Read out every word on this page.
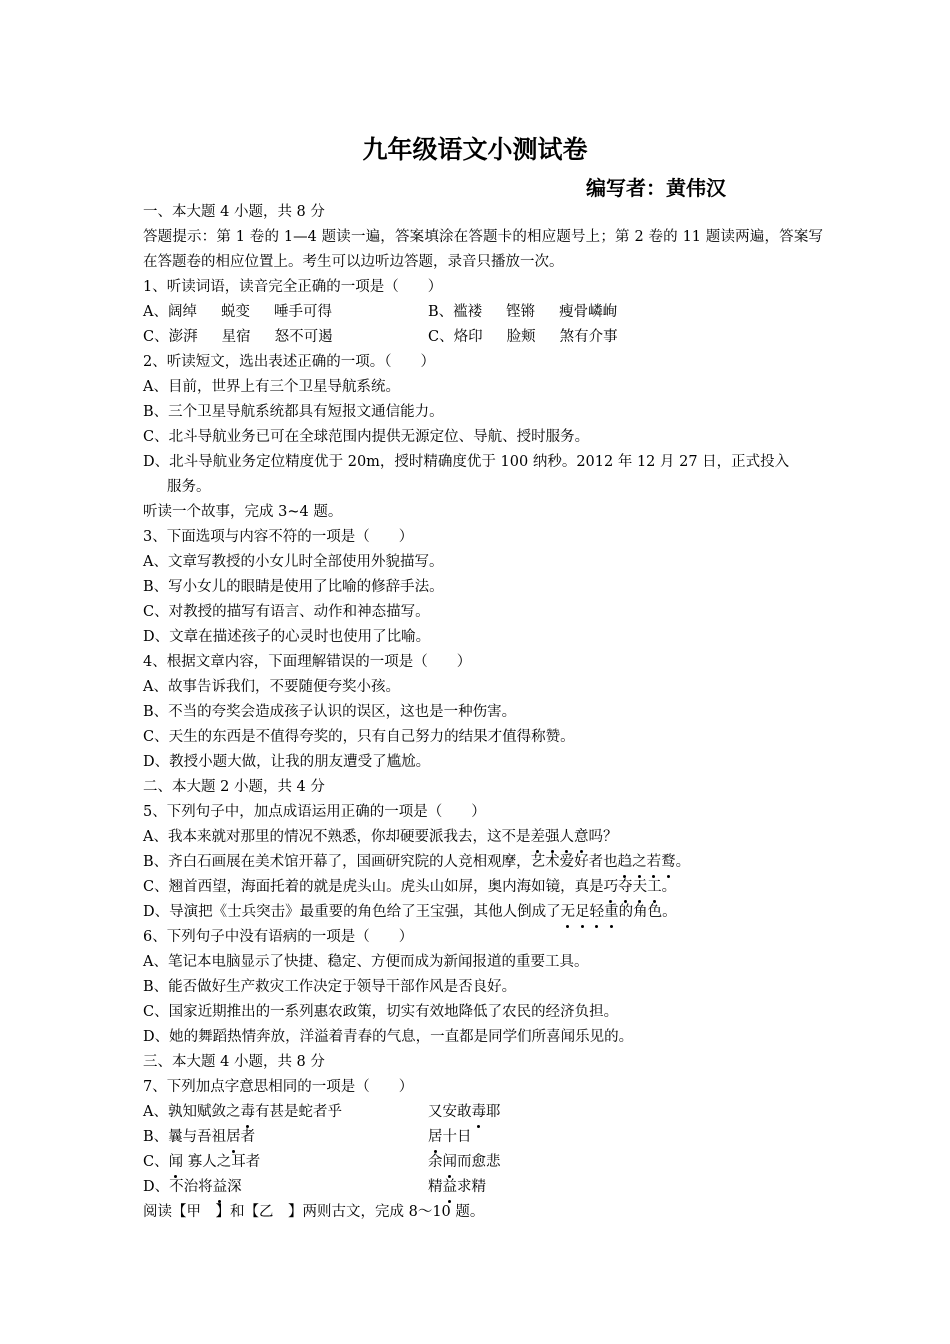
九年级语文小测试卷
编写者：黄伟汉
一、本大题 4 小题，共 8 分
答题提示：第 1 卷的 1—4 题读一遍，答案填涂在答题卡的相应题号上；第 2 卷的 11 题读两遍，答案写在答题卷的相应位置上。考生可以边听边答题，录音只播放一次。
1、听读词语，读音完全正确的一项是（　　）
A、阔绰 蜕变 唾手可得	B、褴褛 铿锵 瘦骨嶙峋
C、澎湃 星宿 怒不可遏	C、烙印 脸颊 煞有介事
2、听读短文，选出表述正确的一项。（　　）
A、目前，世界上有三个卫星导航系统。
B、三个卫星导航系统都具有短报文通信能力。
C、北斗导航业务已可在全球范围内提供无源定位、导航、授时服务。
D、北斗导航业务定位精度优于 20m，授时精确度优于 100 纳秒。2012 年 12 月 27 日，正式投入
服务。
听读一个故事，完成 3~4 题。
3、下面选项与内容不符的一项是（　　）
A、文章写教授的小女儿时全部使用外貌描写。
B、写小女儿的眼睛是使用了比喻的修辞手法。
C、对教授的描写有语言、动作和神态描写。
D、文章在描述孩子的心灵时也使用了比喻。
4、根据文章内容，下面理解错误的一项是（　　）
A、故事告诉我们，不要随便夸奖小孩。
B、不当的夸奖会造成孩子认识的误区，这也是一种伤害。
C、天生的东西是不值得夸奖的，只有自己努力的结果才值得称赞。
D、教授小题大做，让我的朋友遭受了尴尬。
二、本大题 2 小题，共 4 分
5、下列句子中，加点成语运用正确的一项是（　　）
A、我本来就对那里的情况不熟悉，你却硬要派我去，这不是差强人意吗？
B、齐白石画展在美术馆开幕了，国画研究院的人竞相观摩，艺术爱好者也趋之若鹜。
C、翘首西望，海面托着的就是虎头山。虎头山如屏，奥内海如镜，真是巧夺天工。
D、导演把《士兵突击》最重要的角色给了王宝强，其他人倒成了无足轻重的角色。
6、下列句子中没有语病的一项是（　　）
A、笔记本电脑显示了快捷、稳定、方便而成为新闻报道的重要工具。
B、能否做好生产救灾工作决定于领导干部作风是否良好。
C、国家近期推出的一系列惠农政策，切实有效地降低了农民的经济负担。
D、她的舞蹈热情奔放，洋溢着青春的气息，一直都是同学们所喜闻乐见的。
三、本大题 4 小题，共 8 分
7、下列加点字意思相同的一项是（　　）
A、孰知赋敛之毒有甚是蛇者乎	又安敢毒耶
B、曩与吾祖居者	居十日
C、闻 寡人之耳者	余闻而愈悲
D、不治将益深	精益求精
阅读【甲　】和【乙　】两则古文，完成 8～10 题。
